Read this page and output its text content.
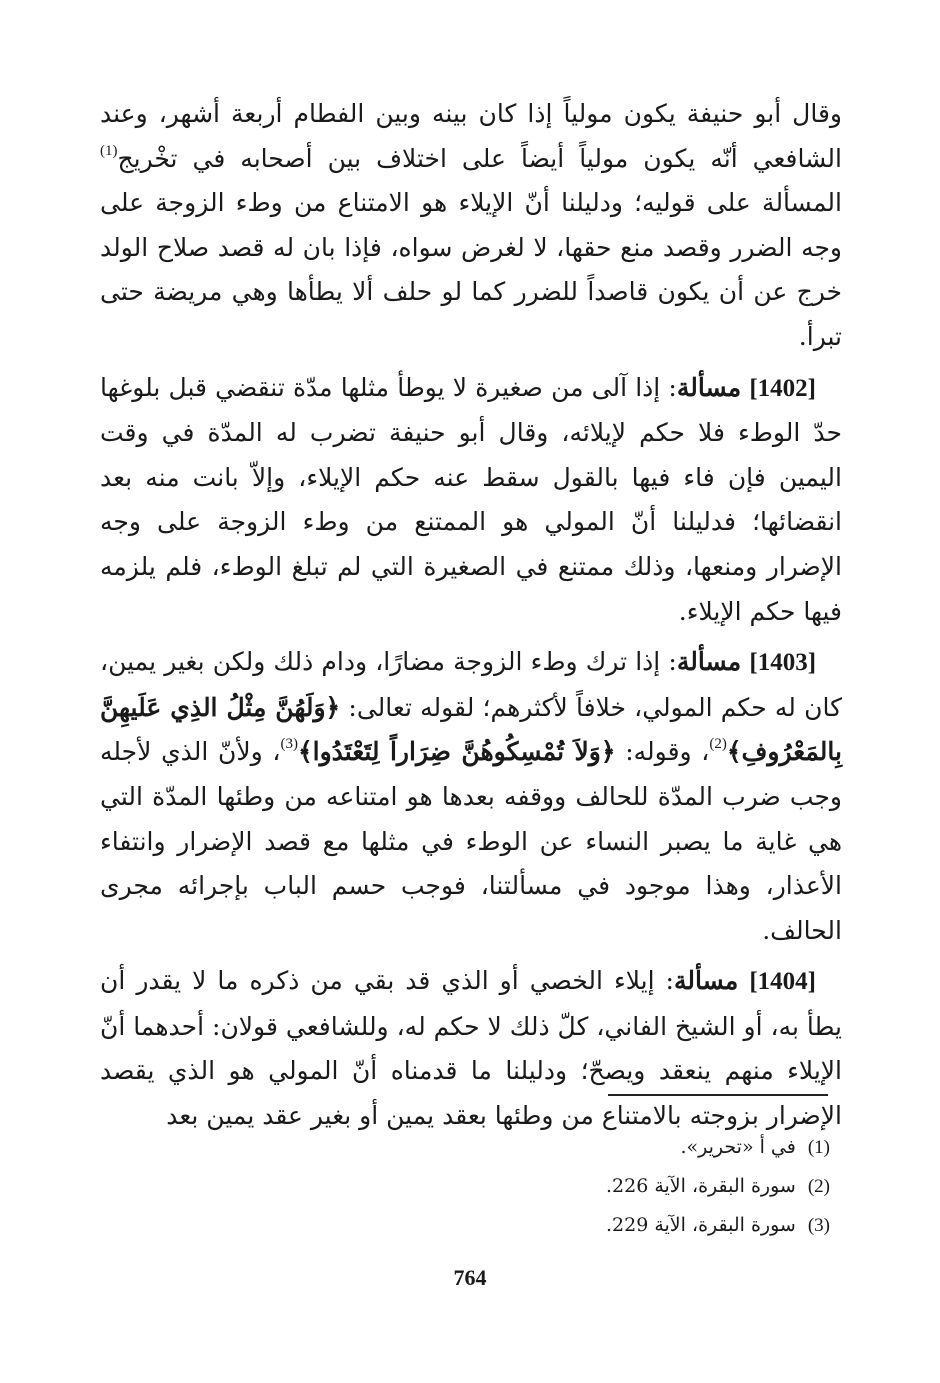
وقال أبو حنيفة يكون مولياً إذا كان بينه وبين الفطام أربعة أشهر، وعند الشافعي أنّه يكون مولياً أيضاً على اختلاف بين أصحابه في تخْريج$^{(1)}$ المسألة على قوليه؛ ودليلنا أنّ الإيلاء هو الامتناع من وطء الزوجة على وجه الضرر وقصد منع حقها، لا لغرض سواه، فإذا بان له قصد صلاح الولد خرج عن أن يكون قاصداً للضرر كما لو حلف ألا يطأها وهي مريضة حتى تبرأ.

[1402] مسألة: إذا آلى من صغيرة لا يوطأ مثلها مدّة تنقضي قبل بلوغها حدّ الوطء فلا حكم لإيلائه، وقال أبو حنيفة تضرب له المدّة في وقت اليمين فإن فاء فيها بالقول سقط عنه حكم الإيلاء، وإلاّ بانت منه بعد انقضائها؛ فدليلنا أنّ المولي هو الممتنع من وطء الزوجة على وجه الإضرار ومنعها، وذلك ممتنع في الصغيرة التي لم تبلغ الوطء، فلم يلزمه فيها حكم الإيلاء.

[1403] مسألة: إذا ترك وطء الزوجة مضارًا، ودام ذلك ولكن بغير يمين، كان له حكم المولي، خلافاً لأكثرهم؛ لقوله تعالى: ﴿وَلَهُنَّ مِثْلُ الذِي عَلَيهِنَّ بِالمَعْرُوفِ﴾$^{(2)}$، وقوله: ﴿وَلاَ تُمْسِكُوهُنَّ ضِرَاراً لِتَعْتَدُوا﴾$^{(3)}$، ولأنّ الذي لأجله وجب ضرب المدّة للحالف ووقفه بعدها هو امتناعه من وطئها المدّة التي هي غاية ما يصبر النساء عن الوطء في مثلها مع قصد الإضرار وانتفاء الأعذار، وهذا موجود في مسألتنا، فوجب حسم الباب بإجرائه مجرى الحالف.

[1404] مسألة: إيلاء الخصي أو الذي قد بقي من ذكره ما لا يقدر أن يطأ به، أو الشيخ الفاني، كلّ ذلك لا حكم له، وللشافعي قولان: أحدهما أنّ الإيلاء منهم ينعقد ويصحّ؛ ودليلنا ما قدمناه أنّ المولي هو الذي يقصد الإضرار بزوجته بالامتناع من وطئها بعقد يمين أو بغير عقد يمين بعد

(1)في أ «تحرير».

(2)سورة البقرة، الآية 226.

(3)سورة البقرة، الآية 229.

764
